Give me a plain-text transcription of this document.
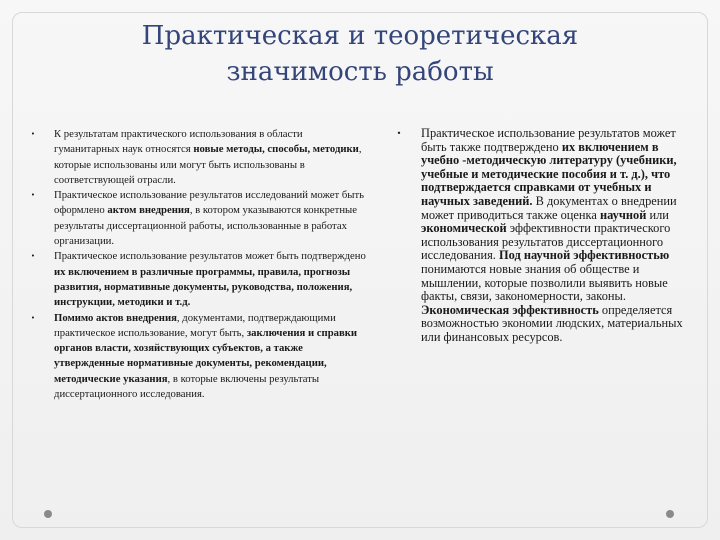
Практическая и теоретическая
значимость работы
• К результатам практического использования в области гуманитарных наук относятся новые методы, способы, методики, которые использованы или могут быть использованы в соответствующей отрасли.
• Практическое использование результатов исследований может быть оформлено актом внедрения, в котором указываются конкретные результаты диссертационной работы, использованные в работах организации.
• Практическое использование результатов может быть подтверждено их включением в различные программы, правила, прогнозы развития, нормативные документы, руководства, положения, инструкции, методики и т.д.
• Помимо актов внедрения, документами, подтверждающими практическое использование, могут быть, заключения и справки органов власти, хозяйствующих субъектов, а также утвержденные нормативные документы, рекомендации, методические указания, в которые включены результаты диссертационного исследования.
• Практическое использование результатов может быть также подтверждено их включением в учебно -методическую литературу (учебники, учебные и методические пособия и т. д.), что подтверждается справками от учебных и научных заведений. В документах о внедрении может приводиться также оценка научной или экономической эффективности практического использования результатов диссертационного исследования. Под научной эффективностью понимаются новые знания об обществе и мышлении, которые позволили выявить новые факты, связи, закономерности, законы. Экономическая эффективность определяется возможностью экономии людских, материальных или финансовых ресурсов.
